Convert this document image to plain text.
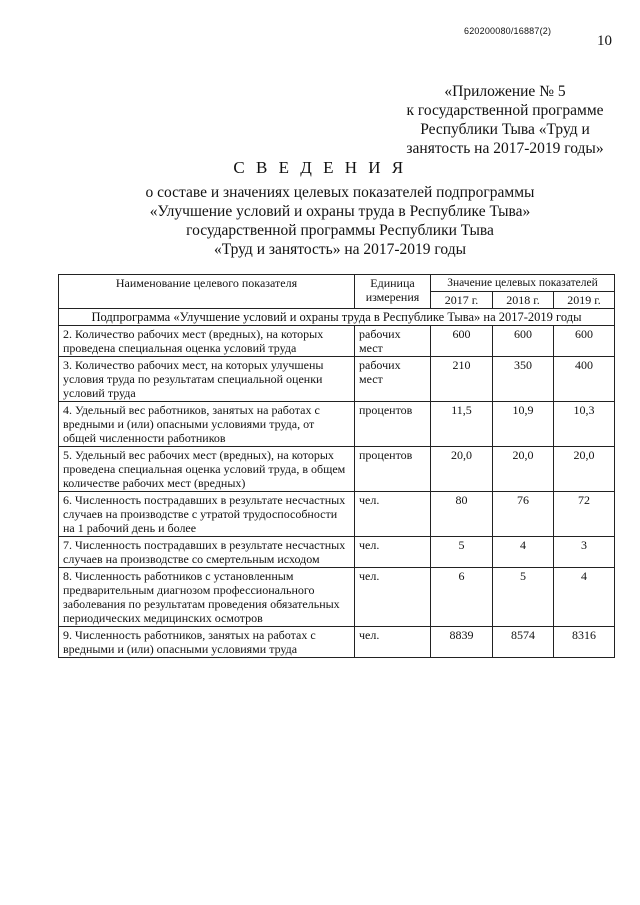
620200080/16887(2)
10
«Приложение № 5
к государственной программе
Республики Тыва «Труд и
занятость на 2017-2019 годы»
С В Е Д Е Н И Я
о составе и значениях целевых показателей подпрограммы
«Улучшение условий и охраны труда в Республике Тыва»
государственной программы Республики Тыва
«Труд и занятость» на 2017-2019 годы
Наименование целевого показателя	Единица измерения	Значение целевых показателей		
		2017 г.	2018 г.	2019 г.
Подпрограмма «Улучшение условий и охраны труда в Республике Тыва» на 2017-2019 годы				
2. Количество рабочих мест (вредных), на которых проведена специальная оценка условий труда	рабочих мест	600	600	600
3. Количество рабочих мест, на которых улучшены условия труда по результатам специальной оценки условий труда	рабочих мест	210	350	400
4. Удельный вес работников, занятых на работах с вредными и (или) опасными условиями труда, от общей численности работников	процентов	11,5	10,9	10,3
5. Удельный вес рабочих мест (вредных), на которых проведена специальная оценка условий труда, в общем количестве рабочих мест (вредных)	процентов	20,0	20,0	20,0
6. Численность пострадавших в результате несчастных случаев на производстве с утратой трудоспособности на 1 рабочий день и более	чел.	80	76	72
7. Численность пострадавших в результате несчастных случаев на производстве со смертельным исходом	чел.	5	4	3
8. Численность работников с установленным предварительным диагнозом профессионального заболевания по результатам проведения обязательных периодических медицинских осмотров	чел.	6	5	4
9. Численность работников, занятых на работах с вредными и (или) опасными условиями труда	чел.	8839	8574	8316
